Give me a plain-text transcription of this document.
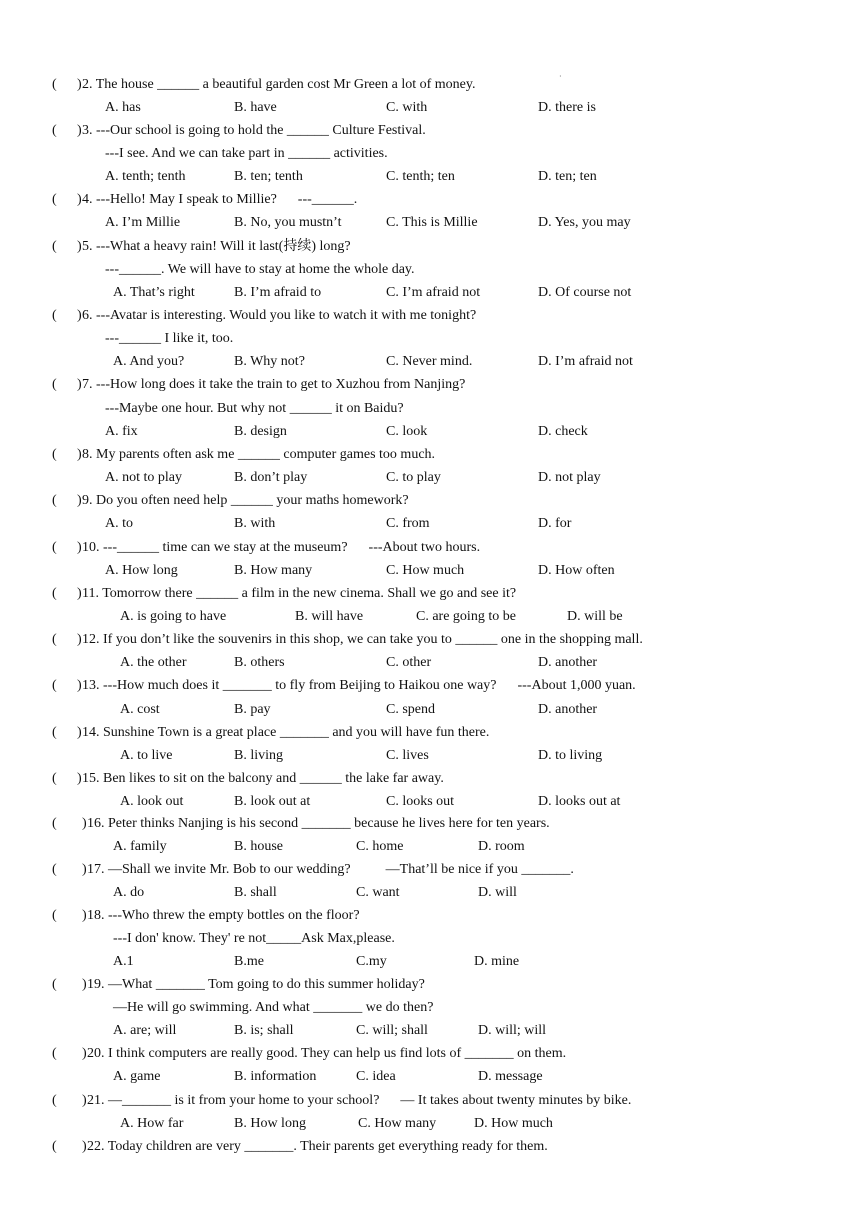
·
( ) 2. The house ______ a beautiful garden cost Mr Green a lot of money.
A. has	B. have	C. with	D. there is
( ) 3. ---Our school is going to hold the ______ Culture Festival.
---I see. And we can take part in ______ activities.
A. tenth; tenth	B. ten; tenth	C. tenth; ten	D. ten; ten
( ) 4. ---Hello! May I speak to Millie?      ---______.
A. I’m Millie	B. No, you mustn’t	C. This is Millie	D. Yes, you may
( ) 5. ---What a heavy rain! Will it last(持续) long?
---______. We will have to stay at home the whole day.
A. That’s right	B. I’m afraid to	C. I’m afraid not	D. Of course not
( ) 6. ---Avatar is interesting. Would you like to watch it with me tonight?
---______ I like it, too.
A. And you?	B. Why not?	C. Never mind.	D. I’m afraid not
( ) 7. ---How long does it take the train to get to Xuzhou from Nanjing?
---Maybe one hour. But why not ______ it on Baidu?
A. fix	B. design	C. look	D. check
( ) 8. My parents often ask me ______ computer games too much.
A. not to play	B. don’t play	C. to play	D. not play
( ) 9. Do you often need help ______ your maths homework?
A. to	B. with	C. from	D. for
( ) 10. ---______ time can we stay at the museum?      ---About two hours.
A. How long	B. How many	C. How much	D. How often
( ) 11. Tomorrow there ______ a film in the new cinema. Shall we go and see it?
A. is going to have	B. will have	C. are going to be	D. will be
( ) 12. If you don’t like the souvenirs in this shop, we can take you to ______ one in the shopping mall.
A. the other	B. others	C. other	D. another
( ) 13. ---How much does it _______ to fly from Beijing to Haikou one way?      ---About 1,000 yuan.
A. cost	B. pay	C. spend	D. another
( ) 14. Sunshine Town is a great place _______ and you will have fun there.
A. to live	B. living	C. lives	D. to living
( ) 15. Ben likes to sit on the balcony and ______ the lake far away.
A. look out	B. look out at	C. looks out	D. looks out at
( ) 16. Peter thinks Nanjing is his second _______ because he lives here for ten years.
A. family	B. house	C. home	D. room
( ) 17. —Shall we invite Mr. Bob to our wedding?          —That’ll be nice if you _______.
A. do	B. shall	C. want	D. will
( ) 18. ---Who threw the empty bottles on the floor?
---I don' know. They' re not_____Ask Max,please.
A.1	B.me	C.my	D. mine
( ) 19. —What _______ Tom going to do this summer holiday?
—He will go swimming. And what _______ we do then?
A. are; will	B. is; shall	C. will; shall	D. will; will
( ) 20. I think computers are really good. They can help us find lots of _______ on them.
A. game	B. information	C. idea	D. message
( ) 21. —_______ is it from your home to your school?      — It takes about twenty minutes by bike.
A. How far	B. How long	C. How many	D. How much
( ) 22. Today children are very _______. Their parents get everything ready for them.
